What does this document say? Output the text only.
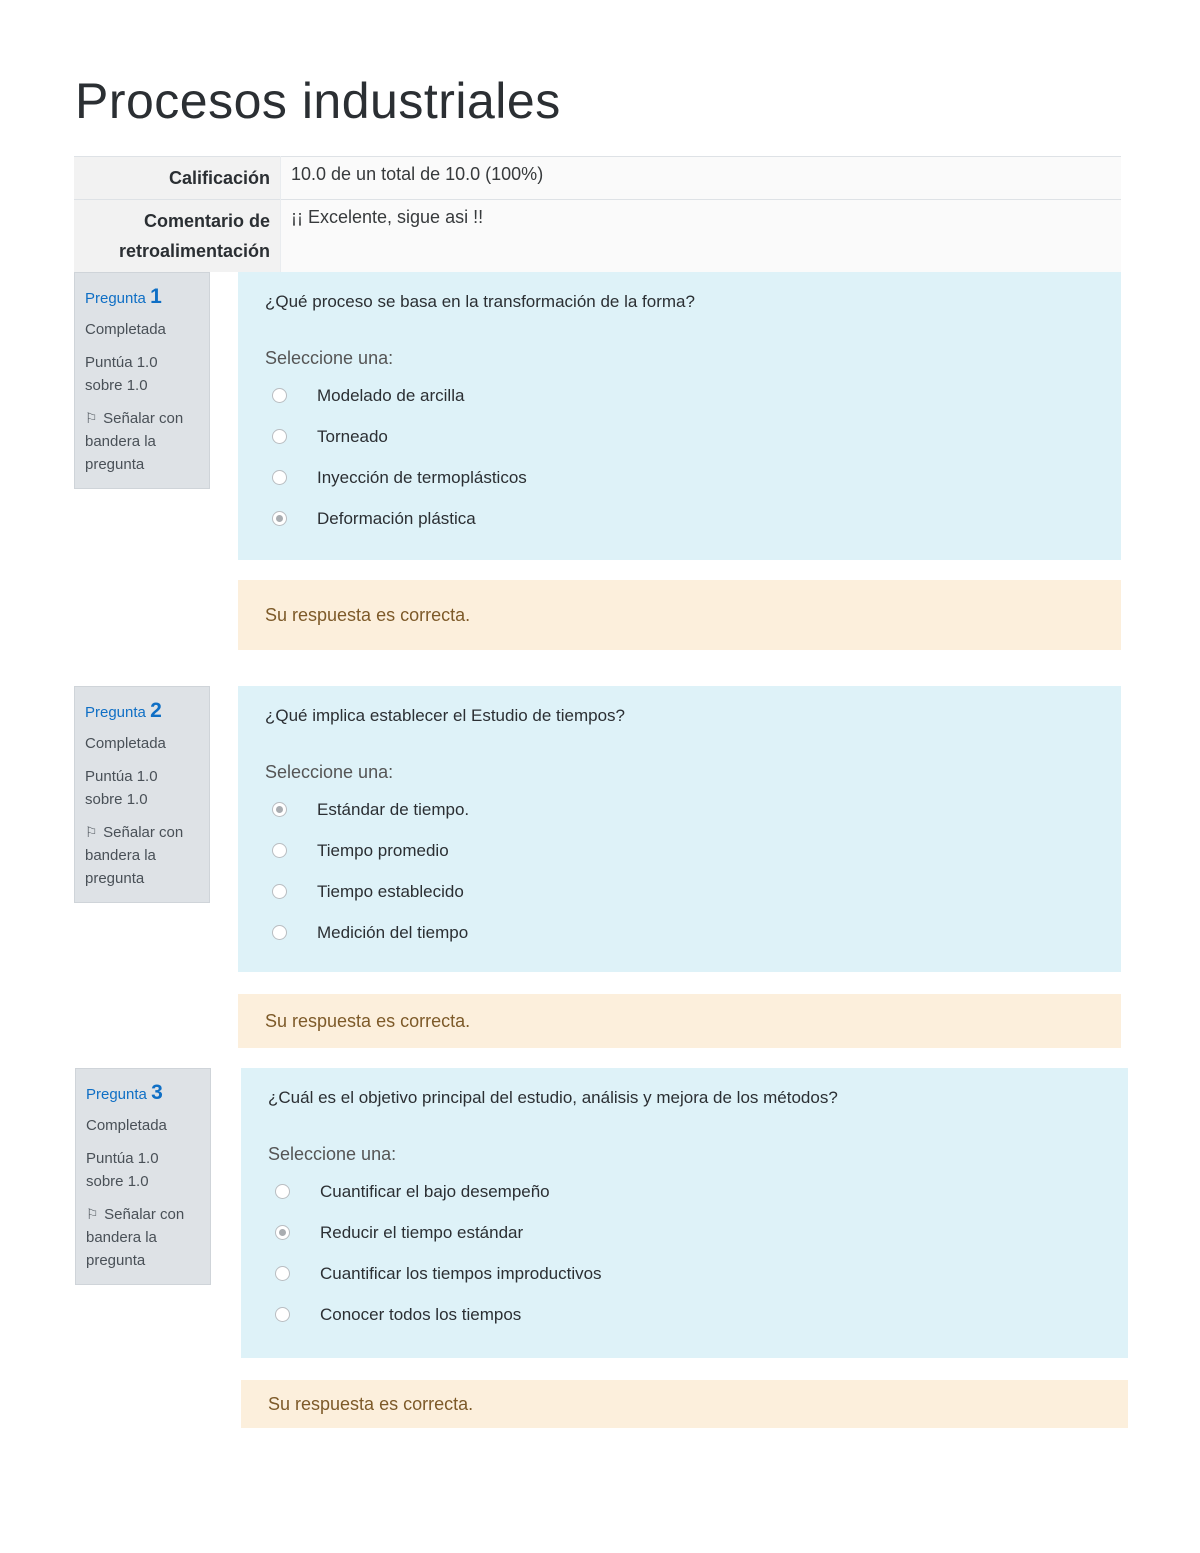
Procesos industriales
Calificación	10.0 de un total de 10.0 (100%)
Comentario de retroalimentación	¡¡ Excelente, sigue asi !!
Pregunta 1
Completada
Puntúa 1.0 sobre 1.0
⚐ Señalar con bandera la pregunta
¿Qué proceso se basa en la transformación de la forma?
Seleccione una:
Modelado de arcilla
Torneado
Inyección de termoplásticos
Deformación plástica
Su respuesta es correcta.
Pregunta 2
Completada
Puntúa 1.0 sobre 1.0
⚐ Señalar con bandera la pregunta
¿Qué implica establecer el Estudio de tiempos?
Seleccione una:
Estándar de tiempo.
Tiempo promedio
Tiempo establecido
Medición del tiempo
Su respuesta es correcta.
Pregunta 3
Completada
Puntúa 1.0 sobre 1.0
⚐ Señalar con bandera la pregunta
¿Cuál es el objetivo principal del estudio, análisis y mejora de los métodos?
Seleccione una:
Cuantificar el bajo desempeño
Reducir el tiempo estándar
Cuantificar los tiempos improductivos
Conocer todos los tiempos
Su respuesta es correcta.
